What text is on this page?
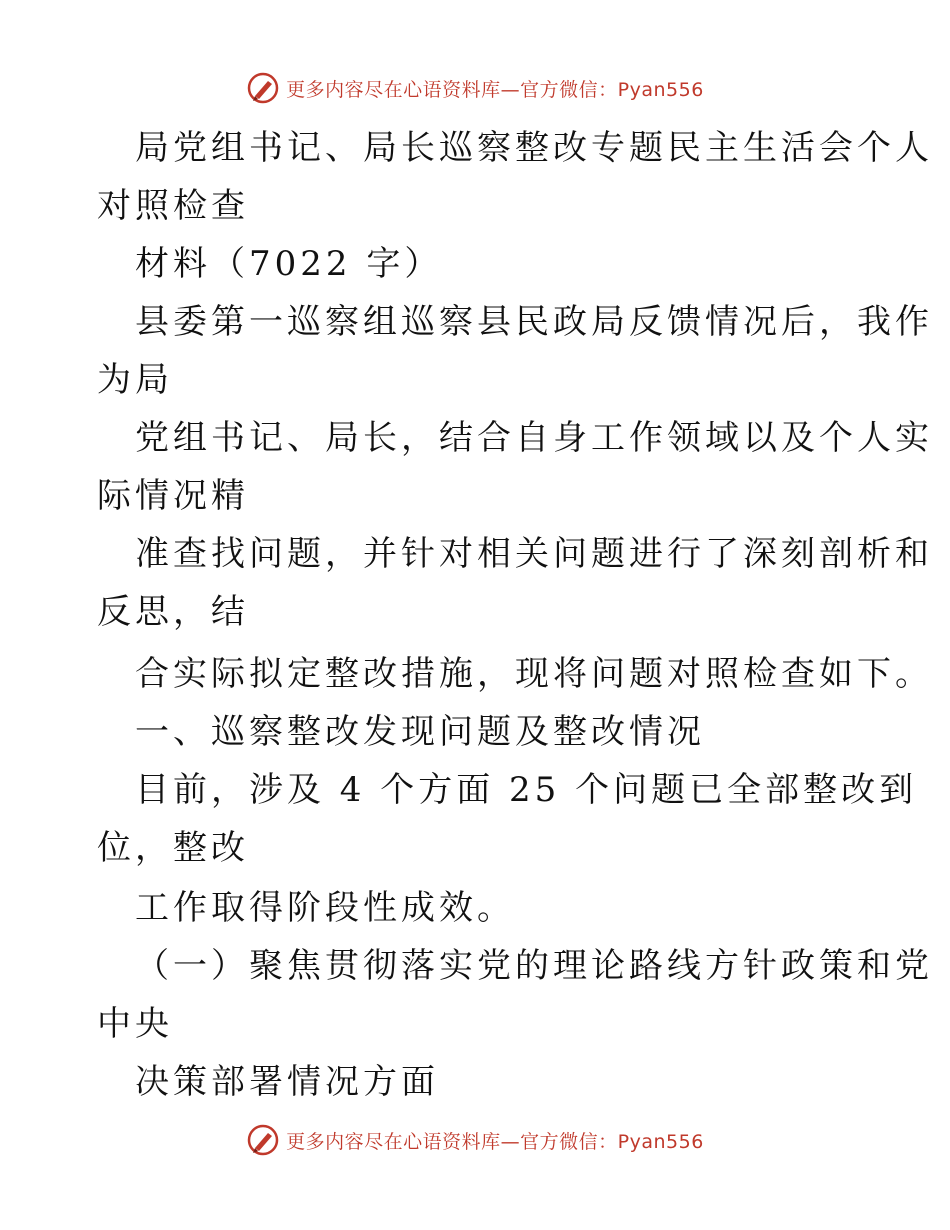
更多内容尽在心语资料库—官方微信：Pyan556
局党组书记、局长巡察整改专题民主生活会个人
对照检查
材料（7022 字）
县委第一巡察组巡察县民政局反馈情况后，我作
为局
党组书记、局长，结合自身工作领域以及个人实
际情况精
准查找问题，并针对相关问题进行了深刻剖析和
反思，结
合实际拟定整改措施，现将问题对照检查如下。
一、巡察整改发现问题及整改情况
目前，涉及 4 个方面 25 个问题已全部整改到
位，整改
工作取得阶段性成效。
（一）聚焦贯彻落实党的理论路线方针政策和党
中央
决策部署情况方面
更多内容尽在心语资料库—官方微信：Pyan556
